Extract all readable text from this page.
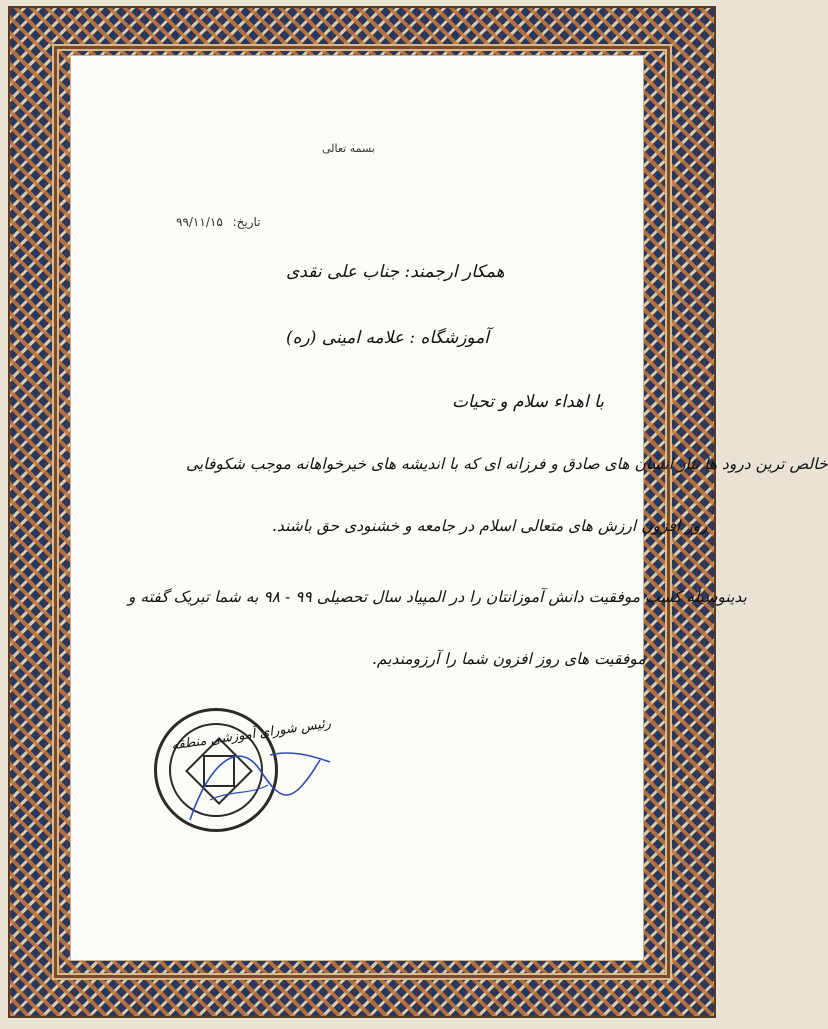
بسمه تعالی
تاریخ: ۹۹/۱۱/۱۵
همکار ارجمند: جناب علی نقدی
آموزشگاه : علامه امینی (ره)
با اهداء سلام و تحیات
خالص ترین درود ها نثار انسان های صادق و فرزانه ای که با اندیشه های خیرخواهانه موجب شکوفایی
روز افزون ارزش های متعالی اسلام در جامعه و خشنودی حق باشند.
بدینوسیله کسب موفقیت دانش آموزانتان را در المپیاد سال تحصیلی ۹۹ - ۹۸ به شما تبریک گفته و
موفقیت های روز افزون شما را آرزومندیم.
رئیس شورای آموزشی منطقه
